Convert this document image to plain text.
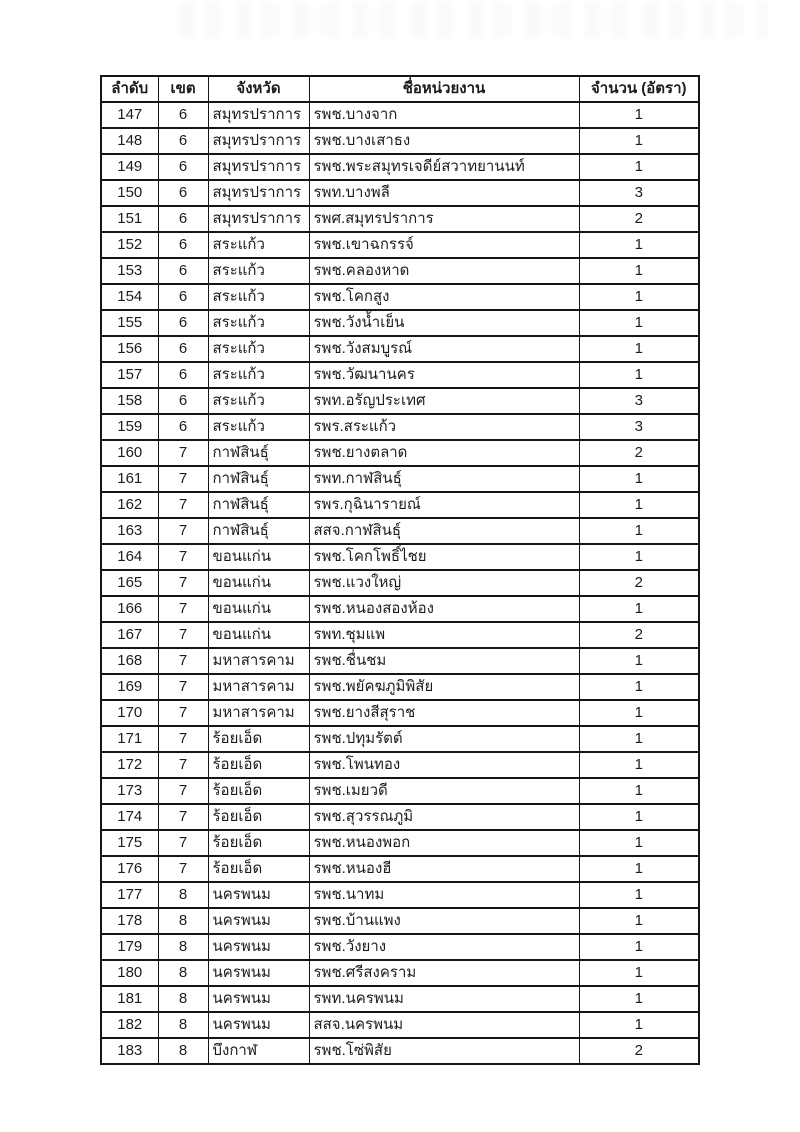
ลำดับ	เขต	จังหวัด	ชื่อหน่วยงาน	จำนวน (อัตรา)
147	6	สมุทรปราการ	รพช.บางจาก	1
148	6	สมุทรปราการ	รพช.บางเสาธง	1
149	6	สมุทรปราการ	รพช.พระสมุทรเจดีย์สวาทยานนท์	1
150	6	สมุทรปราการ	รพท.บางพลี	3
151	6	สมุทรปราการ	รพศ.สมุทรปราการ	2
152	6	สระแก้ว	รพช.เขาฉกรรจ์	1
153	6	สระแก้ว	รพช.คลองหาด	1
154	6	สระแก้ว	รพช.โคกสูง	1
155	6	สระแก้ว	รพช.วังน้ำเย็น	1
156	6	สระแก้ว	รพช.วังสมบูรณ์	1
157	6	สระแก้ว	รพช.วัฒนานคร	1
158	6	สระแก้ว	รพท.อรัญประเทศ	3
159	6	สระแก้ว	รพร.สระแก้ว	3
160	7	กาฬสินธุ์	รพช.ยางตลาด	2
161	7	กาฬสินธุ์	รพท.กาฬสินธุ์	1
162	7	กาฬสินธุ์	รพร.กุฉินารายณ์	1
163	7	กาฬสินธุ์	สสจ.กาฬสินธุ์	1
164	7	ขอนแก่น	รพช.โคกโพธิ์ไชย	1
165	7	ขอนแก่น	รพช.แวงใหญ่	2
166	7	ขอนแก่น	รพช.หนองสองห้อง	1
167	7	ขอนแก่น	รพท.ชุมแพ	2
168	7	มหาสารคาม	รพช.ชื่นชม	1
169	7	มหาสารคาม	รพช.พยัคฆภูมิพิสัย	1
170	7	มหาสารคาม	รพช.ยางสีสุราช	1
171	7	ร้อยเอ็ด	รพช.ปทุมรัตต์	1
172	7	ร้อยเอ็ด	รพช.โพนทอง	1
173	7	ร้อยเอ็ด	รพช.เมยวดี	1
174	7	ร้อยเอ็ด	รพช.สุวรรณภูมิ	1
175	7	ร้อยเอ็ด	รพช.หนองพอก	1
176	7	ร้อยเอ็ด	รพช.หนองฮี	1
177	8	นครพนม	รพช.นาทม	1
178	8	นครพนม	รพช.บ้านแพง	1
179	8	นครพนม	รพช.วังยาง	1
180	8	นครพนม	รพช.ศรีสงคราม	1
181	8	นครพนม	รพท.นครพนม	1
182	8	นครพนม	สสจ.นครพนม	1
183	8	บึงกาฬ	รพช.โซ่พิสัย	2
